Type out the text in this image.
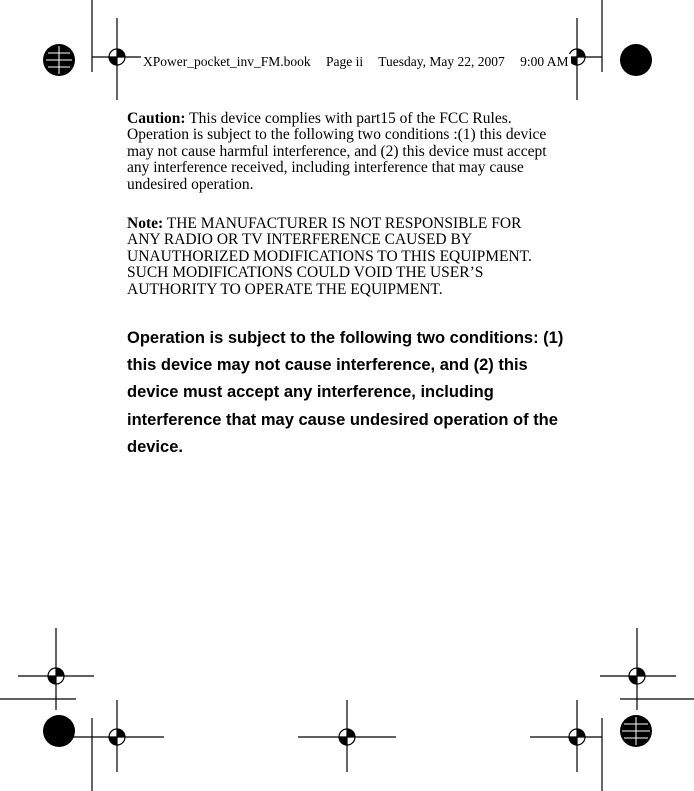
XPower_pocket_inv_FM.book Page ii Tuesday, May 22, 2007 9:00 AM

Caution: This device complies with part15 of the FCC Rules. Operation is subject to the following two conditions :(1) this device may not cause harmful interference, and (2) this device must accept any interference received, including interference that may cause undesired operation.

Note: THE MANUFACTURER IS NOT RESPONSIBLE FOR ANY RADIO OR TV INTERFERENCE CAUSED BY UNAUTHORIZED MODIFICATIONS TO THIS EQUIPMENT. SUCH MODIFICATIONS COULD VOID THE USER’S AUTHORITY TO OPERATE THE EQUIPMENT.

Operation is subject to the following two conditions: (1) this device may not cause interference, and (2) this device must accept any interference, including interference that may cause undesired operation of the device.
